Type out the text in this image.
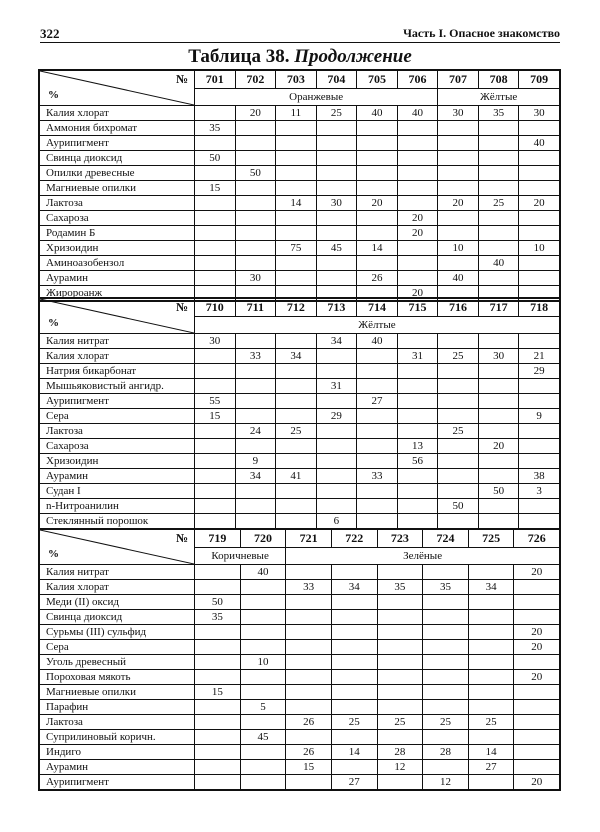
322	Часть I. Опасное знакомство
Таблица 38. Продолжение
№
%	701	702	703	704	705	706	707	708	709
	Оранжевые						Жёлтые		
Калия хлорат		20	11	25	40	40	30	35	30
Аммония бихромат	35								
Аурипигмент									40
Свинца диоксид	50								
Опилки древесные		50							
Магниевые опилки	15								
Лактоза			14	30	20		20	25	20
Сахароза						20			
Родамин Б						20			
Хризоидин			75	45	14		10		10
Аминоазобензол								40	
Аурамин		30			26		40		
Жиророанж						20			
№
%	710	711	712	713	714	715	716	717	718
	Жёлтые								
Калия нитрат	30			34	40				
Калия хлорат		33	34			31	25	30	21
Натрия бикарбонат									29
Мышьяковистый ангидр.				31					
Аурипигмент	55				27				
Сера	15			29					9
Лактоза		24	25				25		
Сахароза						13		20	
Хризоидин		9				56			
Аурамин		34	41		33				38
Судан I								50	3
n-Нитроанилин							50		
Стеклянный порошок				6					
№
%	719	720	721	722	723	724	725	726
	Коричневые		Зелёные					
Калия нитрат		40						20
Калия хлорат			33	34	35	35	34	
Меди (II) оксид	50							
Свинца диоксид	35							
Сурьмы (III) сульфид								20
Сера								20
Уголь древесный		10						
Пороховая мякоть								20
Магниевые опилки	15							
Парафин		5						
Лактоза			26	25	25	25	25	
Суприлиновый коричн.		45						
Индиго			26	14	28	28	14	
Аурамин			15		12		27	
Аурипигмент				27		12		20
